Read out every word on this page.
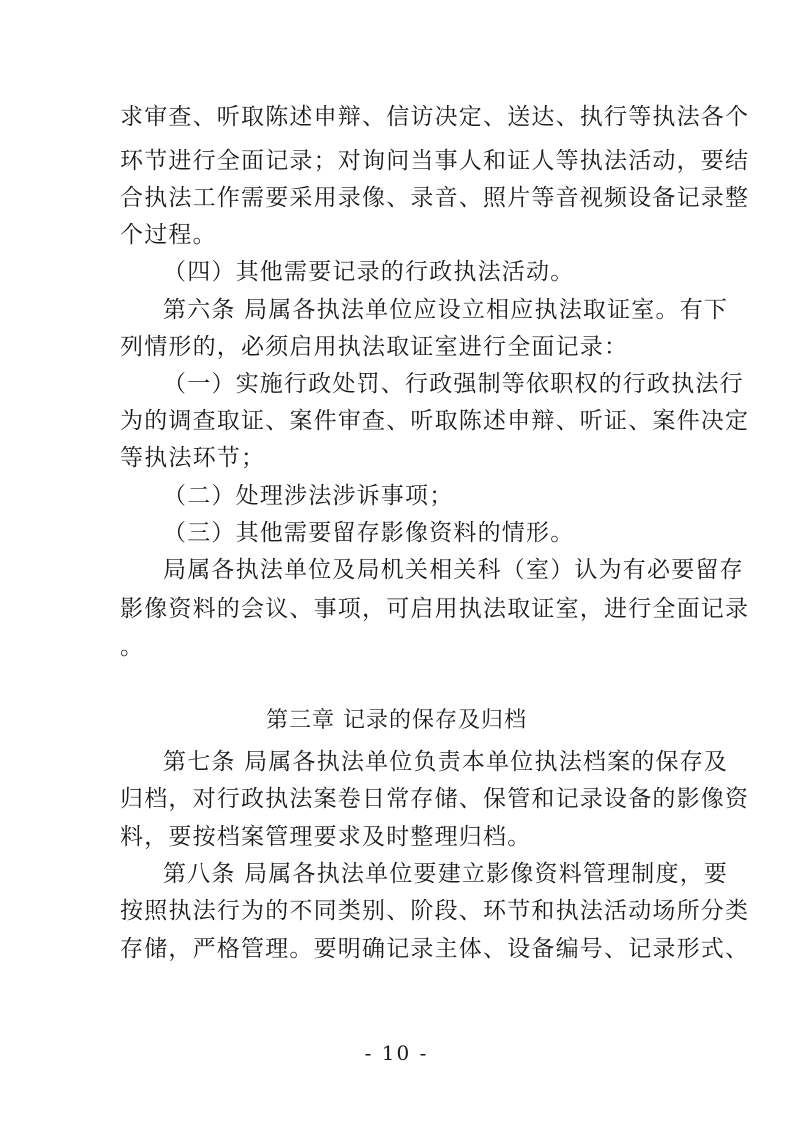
求审查、听取陈述申辩、信访决定、送达、执行等执法各个
环节进行全面记录；对询问当事人和证人等执法活动，要结
合执法工作需要采用录像、录音、照片等音视频设备记录整
个过程。
（四）其他需要记录的行政执法活动。
第六条 局属各执法单位应设立相应执法取证室。有下
列情形的，必须启用执法取证室进行全面记录：
（一）实施行政处罚、行政强制等依职权的行政执法行
为的调查取证、案件审查、听取陈述申辩、听证、案件决定
等执法环节；
（二）处理涉法涉诉事项；
（三）其他需要留存影像资料的情形。
局属各执法单位及局机关相关科（室）认为有必要留存
影像资料的会议、事项，可启用执法取证室，进行全面记录
。
第三章 记录的保存及归档
第七条 局属各执法单位负责本单位执法档案的保存及
归档，对行政执法案卷日常存储、保管和记录设备的影像资
料，要按档案管理要求及时整理归档。
第八条 局属各执法单位要建立影像资料管理制度，要
按照执法行为的不同类别、阶段、环节和执法活动场所分类
存储，严格管理。要明确记录主体、设备编号、记录形式、
- 10 -
